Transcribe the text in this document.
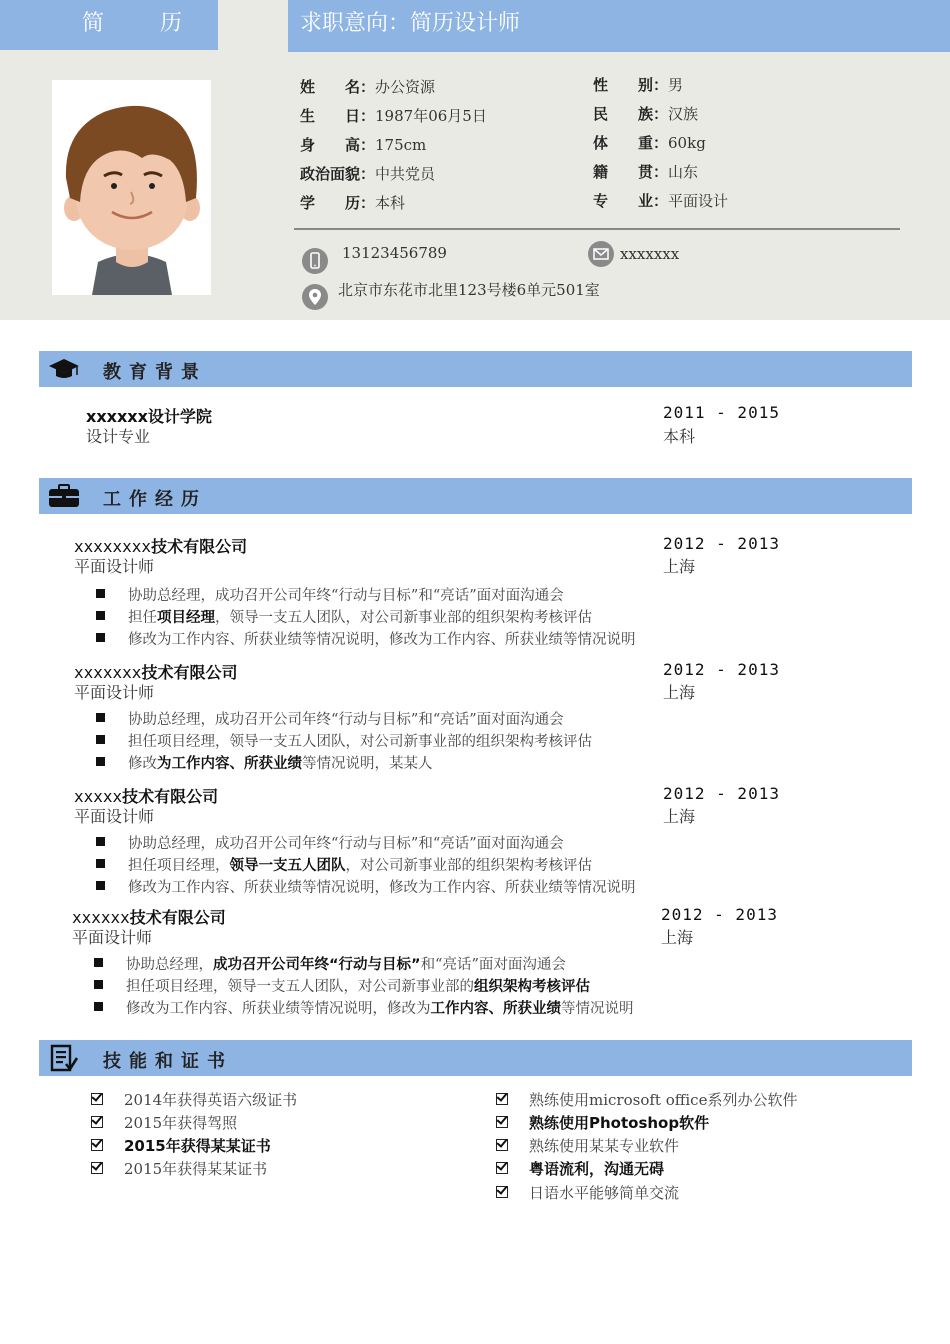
简	历	求职意向：简历设计师
姓　　名：办公资源
生　　日：1987年06月5日
身　　高：175cm
政治面貌：中共党员
学　　历：本科
性　　别：男
民　　族：汉族
体　　重：60kg
籍　　贯：山东
专　　业：平面设计
13123456789	xxxxxxx
北京市东花市北里123号楼6单元501室
教育背景
xxxxxx设计学院
设计专业
2011 - 2015
本科
工作经历
xxxxxxxx技术有限公司
平面设计师
2012 - 2013
上海
协助总经理，成功召开公司年终“行动与目标”和“亮话”面对面沟通会
担任项目经理，领导一支五人团队，对公司新事业部的组织架构考核评估
修改为工作内容、所获业绩等情况说明，修改为工作内容、所获业绩等情况说明
xxxxxxx技术有限公司
平面设计师
2012 - 2013
上海
协助总经理，成功召开公司年终“行动与目标”和“亮话”面对面沟通会
担任项目经理，领导一支五人团队，对公司新事业部的组织架构考核评估
修改为工作内容、所获业绩等情况说明，某某人
xxxxx技术有限公司
平面设计师
2012 - 2013
上海
协助总经理，成功召开公司年终“行动与目标”和“亮话”面对面沟通会
担任项目经理，领导一支五人团队，对公司新事业部的组织架构考核评估
修改为工作内容、所获业绩等情况说明，修改为工作内容、所获业绩等情况说明
xxxxxx技术有限公司
平面设计师
2012 - 2013
上海
协助总经理，成功召开公司年终“行动与目标”和“亮话”面对面沟通会
担任项目经理，领导一支五人团队，对公司新事业部的组织架构考核评估
修改为工作内容、所获业绩等情况说明，修改为工作内容、所获业绩等情况说明
技能和证书
2014年获得英语六级证书
2015年获得驾照
2015年获得某某证书
2015年获得某某证书
熟练使用microsoft office系列办公软件
熟练使用Photoshop软件
熟练使用某某专业软件
粤语流利，沟通无碍
日语水平能够简单交流
